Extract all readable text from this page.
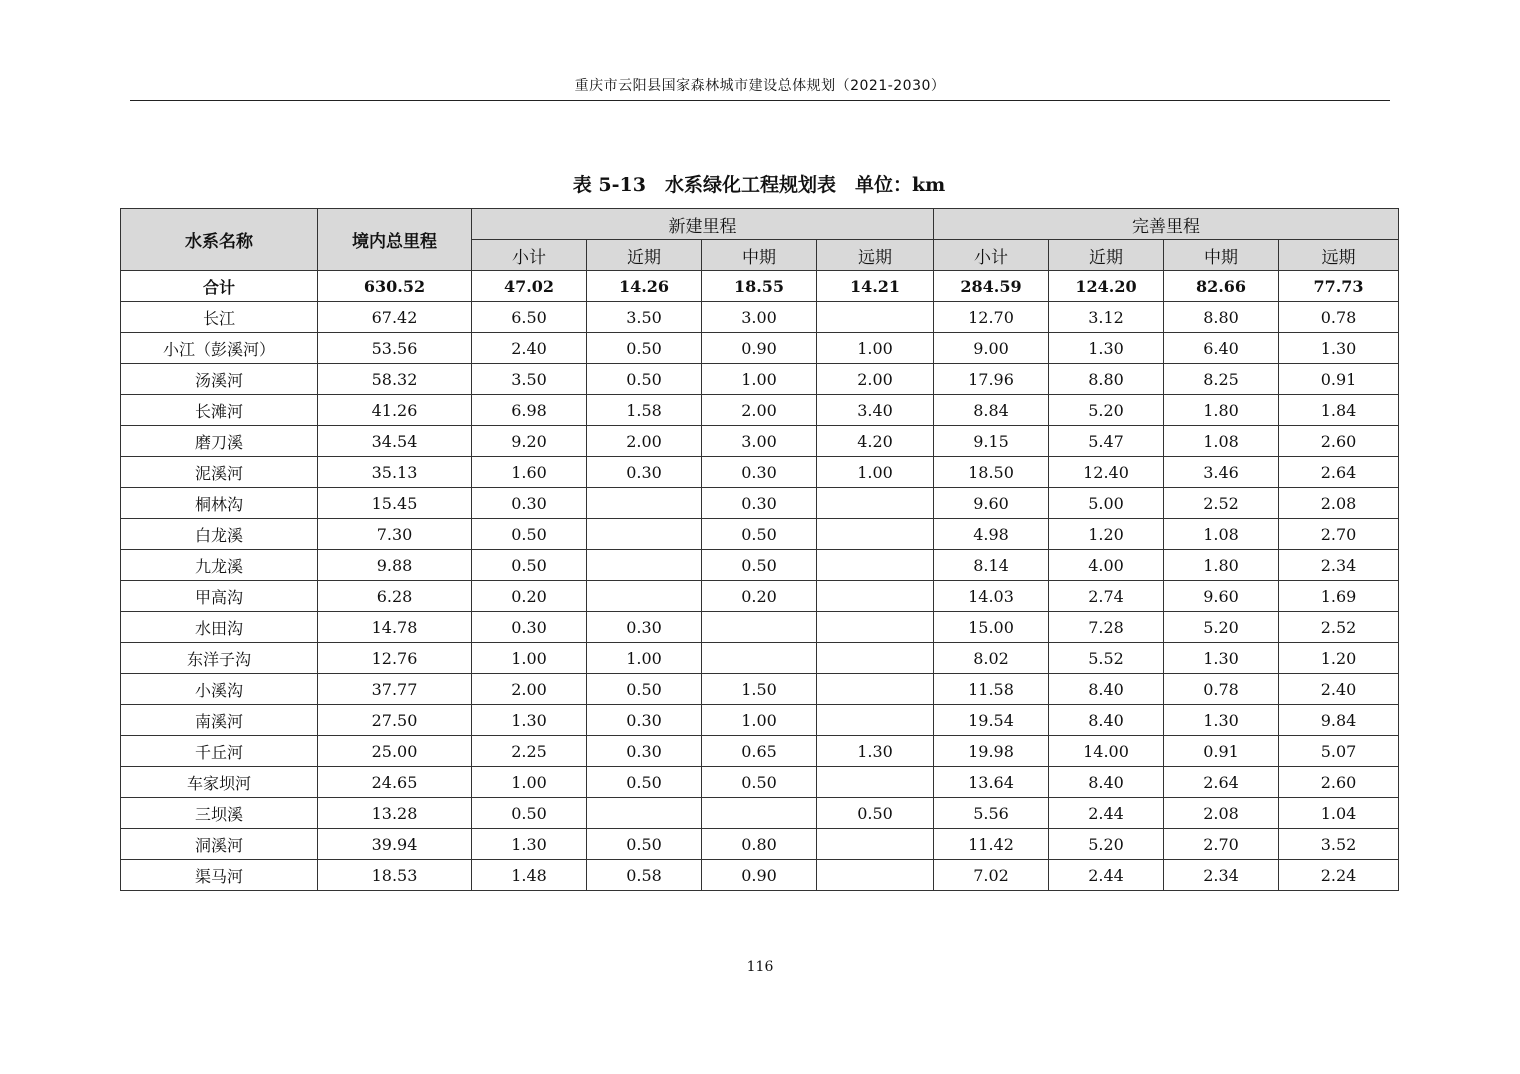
重庆市云阳县国家森林城市建设总体规划（2021-2030）
表 5-13　水系绿化工程规划表　单位：km
水系名称	境内总里程	新建里程				完善里程			
		小计	近期	中期	远期	小计	近期	中期	远期
合计	630.52	47.02	14.26	18.55	14.21	284.59	124.20	82.66	77.73
长江	67.42	6.50	3.50	3.00		12.70	3.12	8.80	0.78
小江（彭溪河）	53.56	2.40	0.50	0.90	1.00	9.00	1.30	6.40	1.30
汤溪河	58.32	3.50	0.50	1.00	2.00	17.96	8.80	8.25	0.91
长滩河	41.26	6.98	1.58	2.00	3.40	8.84	5.20	1.80	1.84
磨刀溪	34.54	9.20	2.00	3.00	4.20	9.15	5.47	1.08	2.60
泥溪河	35.13	1.60	0.30	0.30	1.00	18.50	12.40	3.46	2.64
桐林沟	15.45	0.30		0.30		9.60	5.00	2.52	2.08
白龙溪	7.30	0.50		0.50		4.98	1.20	1.08	2.70
九龙溪	9.88	0.50		0.50		8.14	4.00	1.80	2.34
甲高沟	6.28	0.20		0.20		14.03	2.74	9.60	1.69
水田沟	14.78	0.30	0.30			15.00	7.28	5.20	2.52
东洋子沟	12.76	1.00	1.00			8.02	5.52	1.30	1.20
小溪沟	37.77	2.00	0.50	1.50		11.58	8.40	0.78	2.40
南溪河	27.50	1.30	0.30	1.00		19.54	8.40	1.30	9.84
千丘河	25.00	2.25	0.30	0.65	1.30	19.98	14.00	0.91	5.07
车家坝河	24.65	1.00	0.50	0.50		13.64	8.40	2.64	2.60
三坝溪	13.28	0.50			0.50	5.56	2.44	2.08	1.04
洞溪河	39.94	1.30	0.50	0.80		11.42	5.20	2.70	3.52
渠马河	18.53	1.48	0.58	0.90		7.02	2.44	2.34	2.24
116
